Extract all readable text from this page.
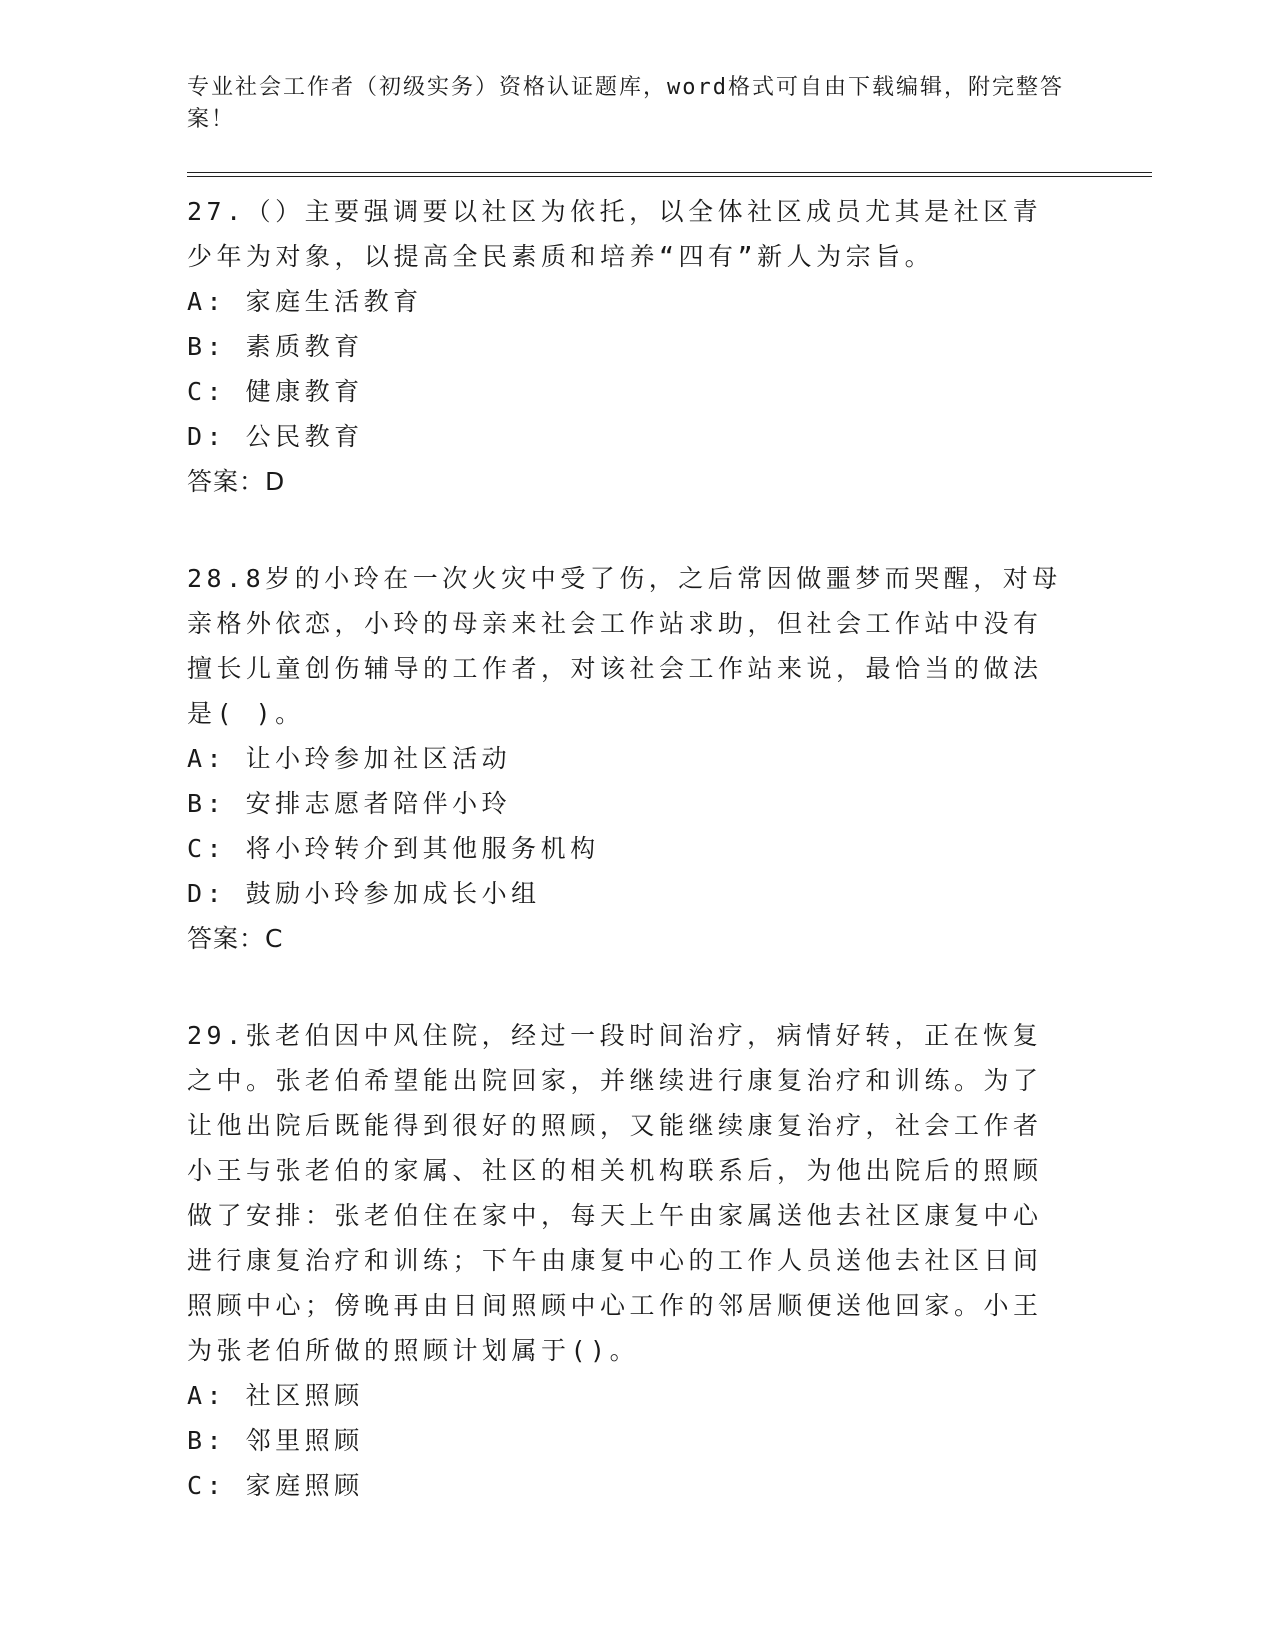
专业社会工作者（初级实务）资格认证题库，word格式可自由下载编辑，附完整答案！

27.（）主要强调要以社区为依托，以全体社区成员尤其是社区青少年为对象，以提高全民素质和培养“四有”新人为宗旨。

A: 家庭生活教育

B: 素质教育

C: 健康教育

D: 公民教育

答案：D

28.8岁的小玲在一次火灾中受了伤，之后常因做噩梦而哭醒，对母亲格外依恋，小玲的母亲来社会工作站求助，但社会工作站中没有擅长儿童创伤辅导的工作者，对该社会工作站来说，最恰当的做法是( )。

A: 让小玲参加社区活动

B: 安排志愿者陪伴小玲

C: 将小玲转介到其他服务机构

D: 鼓励小玲参加成长小组

答案：C

29.张老伯因中风住院，经过一段时间治疗，病情好转，正在恢复之中。张老伯希望能出院回家，并继续进行康复治疗和训练。为了让他出院后既能得到很好的照顾，又能继续康复治疗，社会工作者小王与张老伯的家属、社区的相关机构联系后，为他出院后的照顾做了安排：张老伯住在家中，每天上午由家属送他去社区康复中心进行康复治疗和训练；下午由康复中心的工作人员送他去社区日间照顾中心；傍晚再由日间照顾中心工作的邻居顺便送他回家。小王为张老伯所做的照顾计划属于()。

A: 社区照顾

B: 邻里照顾

C: 家庭照顾
